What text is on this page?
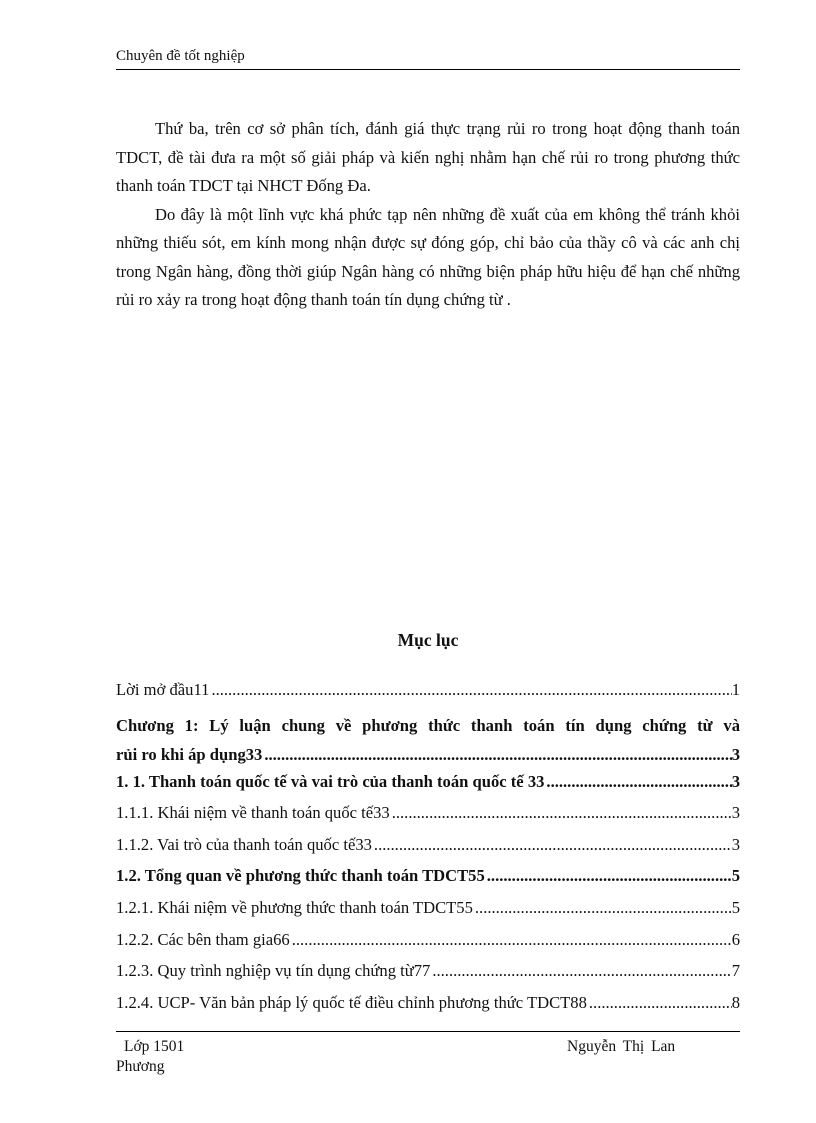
Chuyên đề tốt nghiệp

Thứ ba, trên cơ sở phân tích, đánh giá thực trạng rủi ro trong hoạt động thanh toán TDCT, đề tài đưa ra một số giải pháp và kiến nghị nhằm hạn chế rủi ro trong phương thức thanh toán TDCT tại NHCT Đống Đa.

Do đây là một lĩnh vực khá phức tạp nên những đề xuất của em không thể tránh khỏi những thiếu sót, em kính mong nhận được sự đóng góp, chỉ bảo của thầy cô và các anh chị trong Ngân hàng, đồng thời giúp Ngân hàng có những biện pháp hữu hiệu để hạn chế những rủi ro xảy ra trong hoạt động thanh toán tín dụng chứng từ .

Mục lục
Lời mở đầu11 .....	1
Chương 1: Lý luận chung về phương thức thanh toán tín dụng chứng từ và
rủi ro khi áp dụng33 .....	3
1. 1. Thanh toán quốc tế và vai trò của thanh toán quốc tế 33 .....	3
1.1.1. Khái niệm về thanh toán quốc tế33 .....	3
1.1.2. Vai trò của thanh toán quốc tế33 .....	3
1.2. Tổng quan về phương thức thanh toán TDCT55 .....	5
1.2.1. Khái niệm về phương thức thanh toán TDCT55 .....	5
1.2.2. Các bên tham gia66 .....	6
1.2.3. Quy trình nghiệp vụ tín dụng chứng từ77 .....	7
1.2.4. UCP- Văn bản pháp lý quốc tế điều chỉnh phương thức TDCT88 .....	8
Lớp 1501	Nguyễn Thị Lan
Phương
